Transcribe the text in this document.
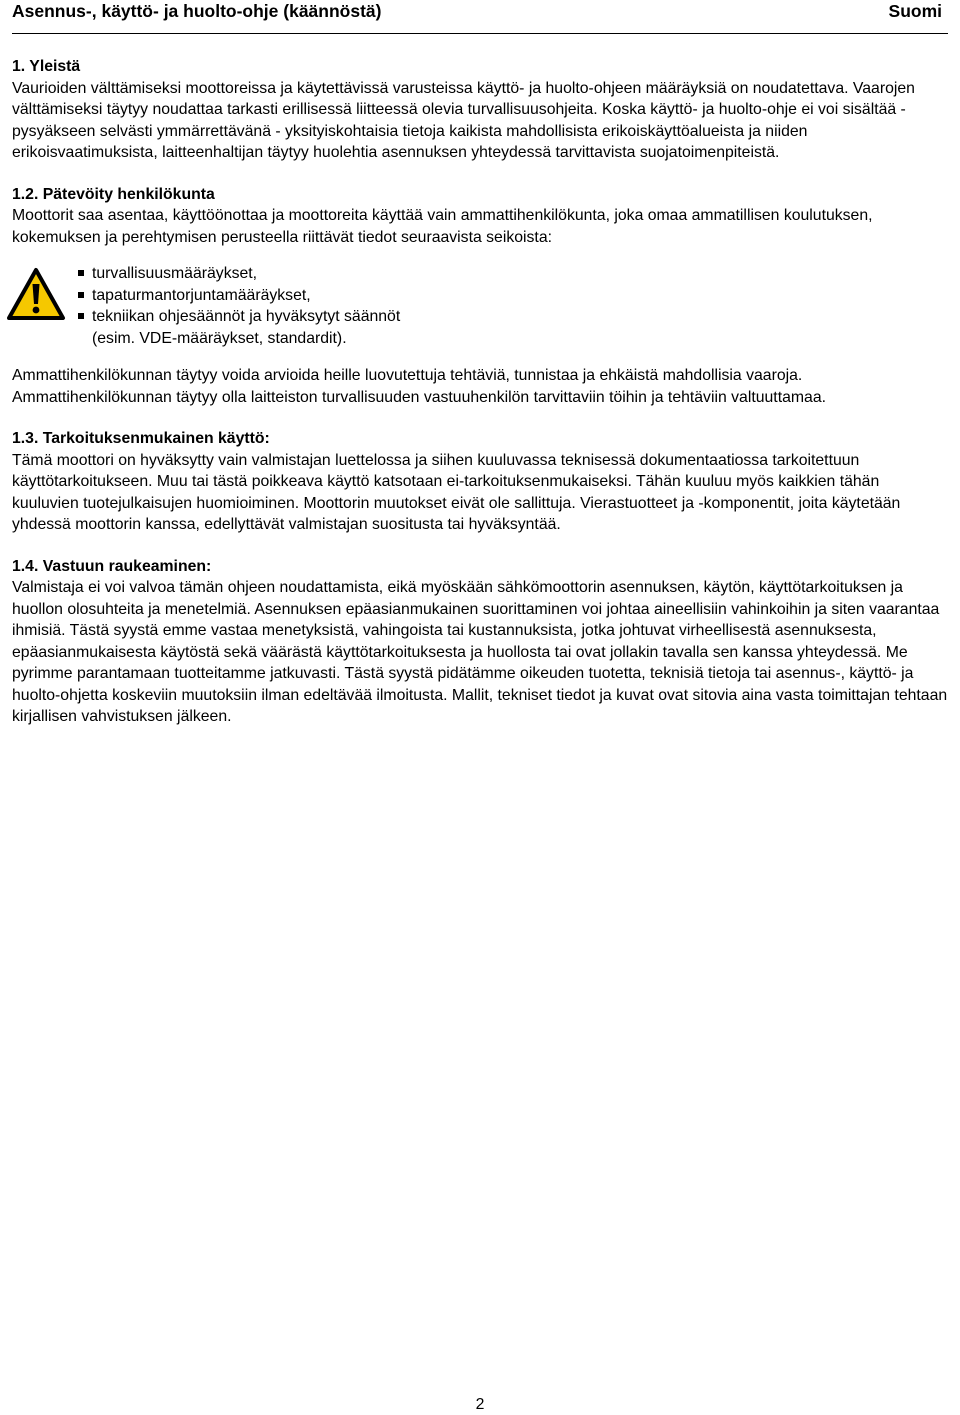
Asennus-, käyttö- ja huolto-ohje (käännöstä)	Suomi
1. Yleistä

Vaurioiden välttämiseksi moottoreissa ja käytettävissä varusteissa käyttö- ja huolto-ohjeen määräyksiä on noudatettava. Vaarojen välttämiseksi täytyy noudattaa tarkasti erillisessä liitteessä olevia turvallisuusohjeita. Koska käyttö- ja huolto-ohje ei voi sisältää - pysyäkseen selvästi ymmärrettävänä - yksityiskohtaisia tietoja kaikista mahdollisista erikoiskäyttöalueista ja niiden erikoisvaatimuksista, laitteenhaltijan täytyy huolehtia asennuksen yhteydessä tarvittavista suojatoimenpiteistä.

1.2. Pätevöity henkilökunta

Moottorit saa asentaa, käyttöönottaa ja moottoreita käyttää vain ammattihenkilökunta, joka omaa ammatillisen koulutuksen, kokemuksen ja perehtymisen perusteella riittävät tiedot seuraavista seikoista:

turvallisuusmääräykset,
tapaturmantorjuntamääräykset,
tekniikan ohjesäännöt ja hyväksytyt säännöt
(esim. VDE-määräykset, standardit).

Ammattihenkilökunnan täytyy voida arvioida heille luovutettuja tehtäviä, tunnistaa ja ehkäistä mahdollisia vaaroja. Ammattihenkilökunnan täytyy olla laitteiston turvallisuuden vastuuhenkilön tarvittaviin töihin ja tehtäviin valtuuttamaa.

1.3. Tarkoituksenmukainen käyttö:

Tämä moottori on hyväksytty vain valmistajan luettelossa ja siihen kuuluvassa teknisessä dokumentaatiossa tarkoitettuun käyttötarkoitukseen. Muu tai tästä poikkeava käyttö katsotaan ei-tarkoituksenmukaiseksi. Tähän kuuluu myös kaikkien tähän kuuluvien tuotejulkaisujen huomioiminen. Moottorin muutokset eivät ole sallittuja. Vierastuotteet ja -komponentit, joita käytetään yhdessä moottorin kanssa, edellyttävät valmistajan suositusta tai hyväksyntää.

1.4. Vastuun raukeaminen:

Valmistaja ei voi valvoa tämän ohjeen noudattamista, eikä myöskään sähkömoottorin asennuksen, käytön, käyttötarkoituksen ja huollon olosuhteita ja menetelmiä. Asennuksen epäasianmukainen suorittaminen voi johtaa aineellisiin vahinkoihin ja siten vaarantaa ihmisiä. Tästä syystä emme vastaa menetyksistä, vahingoista tai kustannuksista, jotka johtuvat virheellisestä asennuksesta, epäasianmukaisesta käytöstä sekä väärästä käyttötarkoituksesta ja huollosta tai ovat jollakin tavalla sen kanssa yhteydessä. Me pyrimme parantamaan tuotteitamme jatkuvasti. Tästä syystä pidätämme oikeuden tuotetta, teknisiä tietoja tai asennus-, käyttö- ja huolto-ohjetta koskeviin muutoksiin ilman edeltävää ilmoitusta. Mallit, tekniset tiedot ja kuvat ovat sitovia aina vasta toimittajan tehtaan kirjallisen vahvistuksen jälkeen.

2
